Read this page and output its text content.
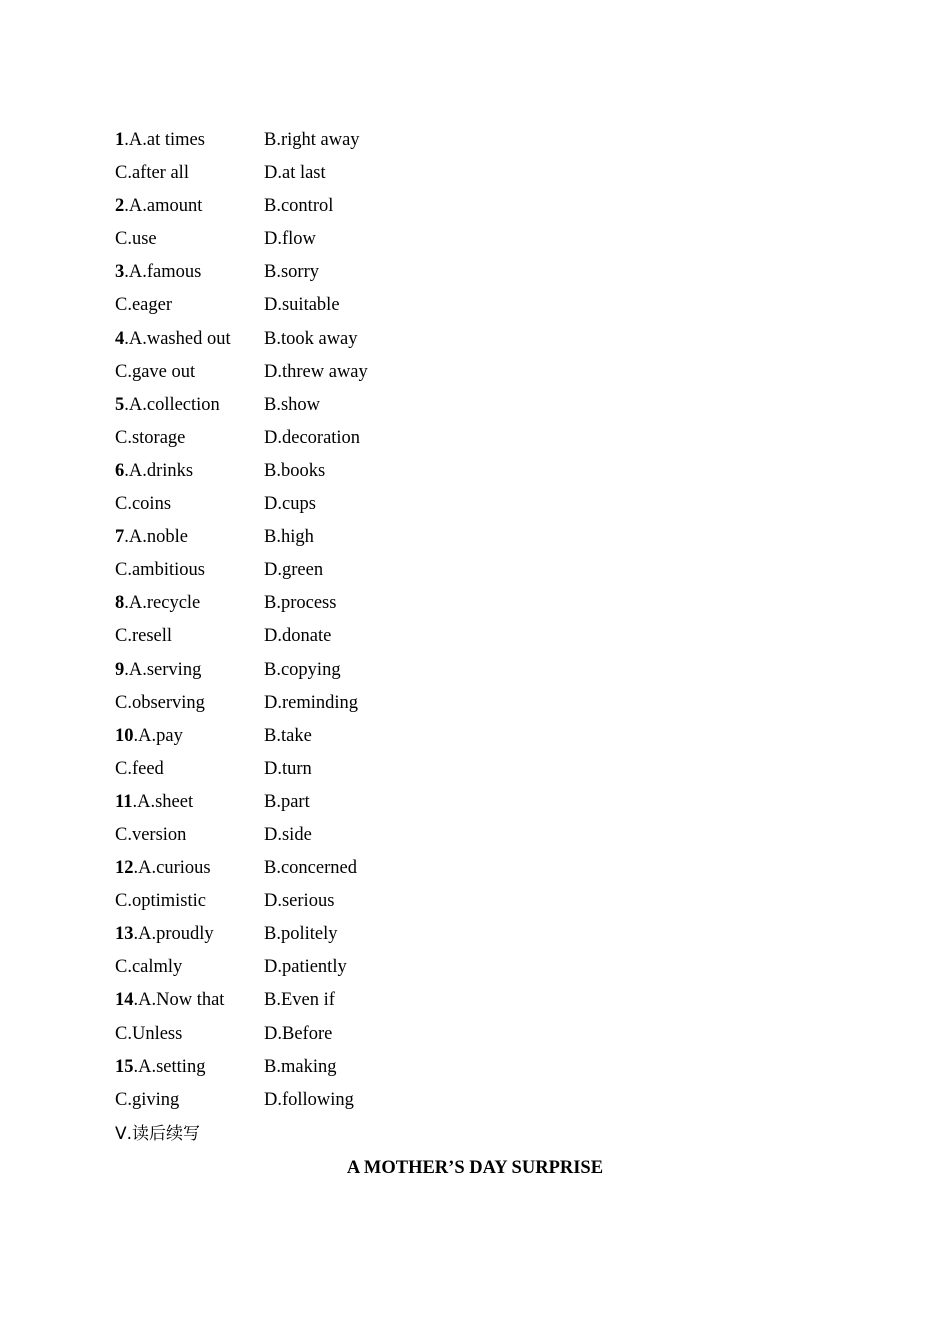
1.A.at times	B.right away
C.after all	D.at last
2.A.amount	B.control
C.use	D.flow
3.A.famous	B.sorry
C.eager	D.suitable
4.A.washed out	B.took away
C.gave out	D.threw away
5.A.collection	B.show
C.storage	D.decoration
6.A.drinks	B.books
C.coins	D.cups
7.A.noble	B.high
C.ambitious	D.green
8.A.recycle	B.process
C.resell	D.donate
9.A.serving	B.copying
C.observing	D.reminding
10.A.pay	B.take
C.feed	D.turn
11.A.sheet	B.part
C.version	D.side
12.A.curious	B.concerned
C.optimistic	D.serious
13.A.proudly	B.politely
C.calmly	D.patiently
14.A.Now that	B.Even if
C.Unless	D.Before
15.A.setting	B.making
C.giving	D.following
Ⅴ.读后续写
A MOTHER’S DAY SURPRISE
